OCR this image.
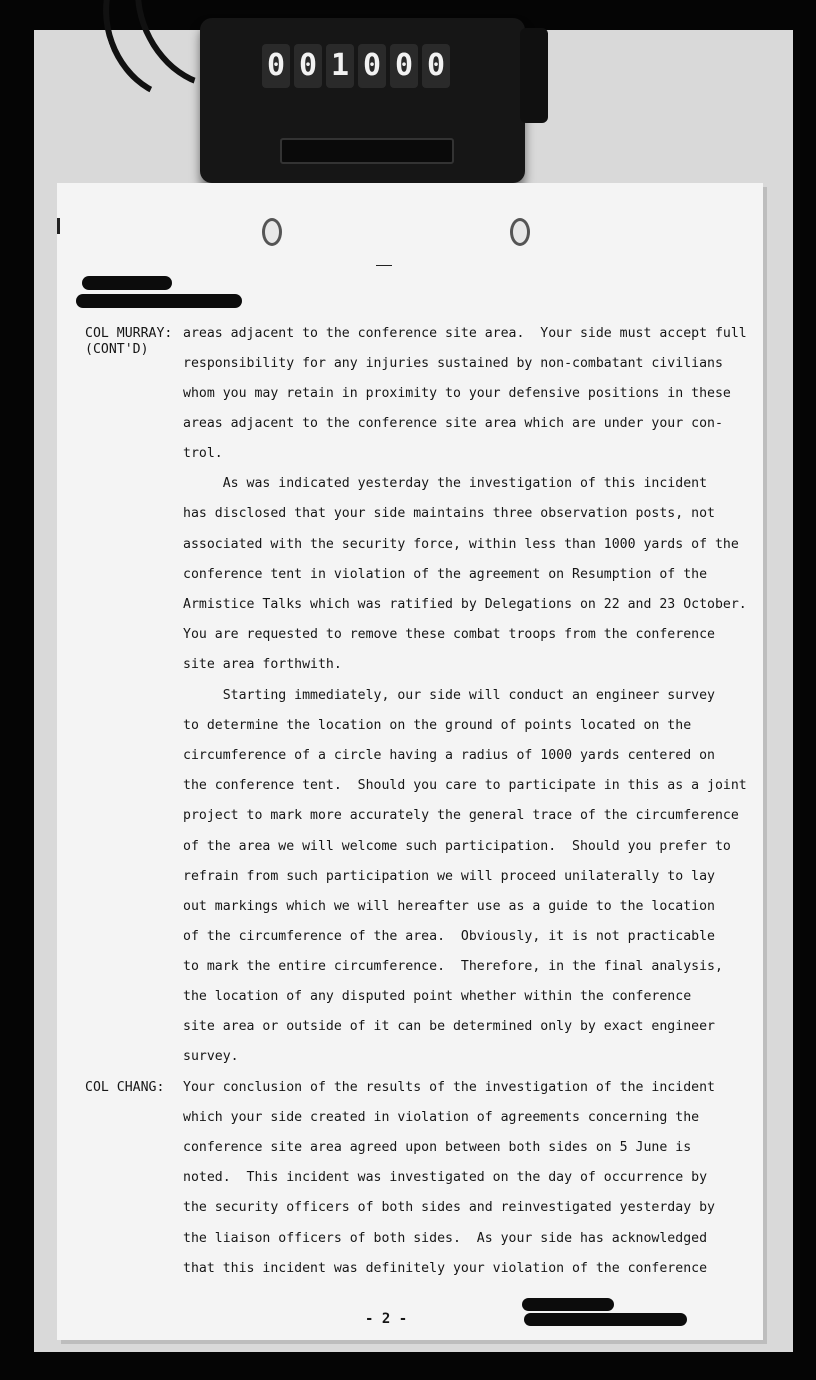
0 0 1 0 0 0
COL MURRAY:
(CONT'D)
COL CHANG:
areas adjacent to the conference site area.  Your side must accept full
responsibility for any injuries sustained by non-combatant civilians
whom you may retain in proximity to your defensive positions in these
areas adjacent to the conference site area which are under your con-
trol.
As was indicated yesterday the investigation of this incident
has disclosed that your side maintains three observation posts, not
associated with the security force, within less than 1000 yards of the
conference tent in violation of the agreement on Resumption of the
Armistice Talks which was ratified by Delegations on 22 and 23 October.
You are requested to remove these combat troops from the conference
site area forthwith.
Starting immediately, our side will conduct an engineer survey
to determine the location on the ground of points located on the
circumference of a circle having a radius of 1000 yards centered on
the conference tent.  Should you care to participate in this as a joint
project to mark more accurately the general trace of the circumference
of the area we will welcome such participation.  Should you prefer to
refrain from such participation we will proceed unilaterally to lay
out markings which we will hereafter use as a guide to the location
of the circumference of the area.  Obviously, it is not practicable
to mark the entire circumference.  Therefore, in the final analysis,
the location of any disputed point whether within the conference
site area or outside of it can be determined only by exact engineer
survey.
Your conclusion of the results of the investigation of the incident
which your side created in violation of agreements concerning the
conference site area agreed upon between both sides on 5 June is
noted.  This incident was investigated on the day of occurrence by
the security officers of both sides and reinvestigated yesterday by
the liaison officers of both sides.  As your side has acknowledged
that this incident was definitely your violation of the conference
- 2 -
